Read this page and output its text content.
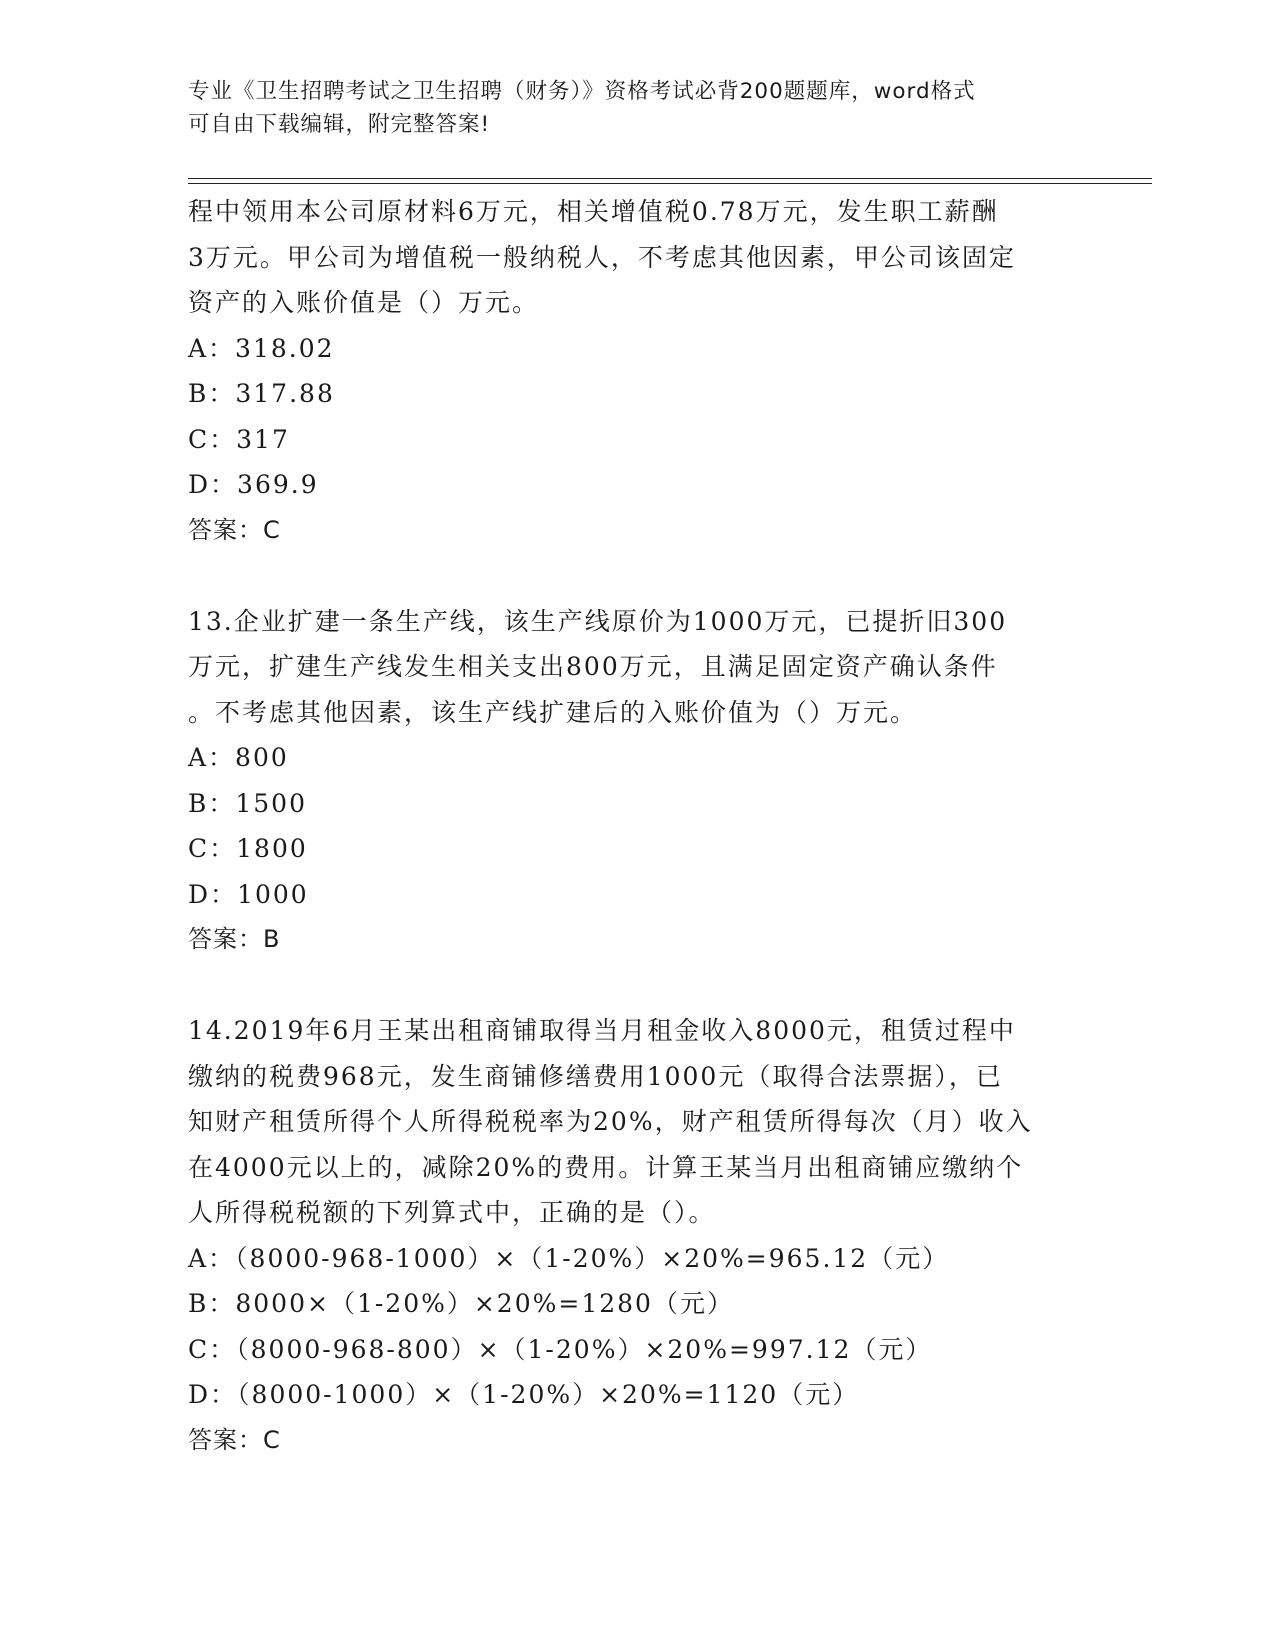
专业《卫生招聘考试之卫生招聘（财务）》资格考试必背200题题库，word格式
可自由下载编辑，附完整答案!
程中领用本公司原材料6万元，相关增值税0.78万元，发生职工薪酬
3万元。甲公司为增值税一般纳税人，不考虑其他因素，甲公司该固定
资产的入账价值是（）万元。
A：318.02
B：317.88
C：317
D：369.9
答案：C
13.企业扩建一条生产线，该生产线原价为1000万元，已提折旧300
万元，扩建生产线发生相关支出800万元，且满足固定资产确认条件
。不考虑其他因素，该生产线扩建后的入账价值为（）万元。
A：800
B：1500
C：1800
D：1000
答案：B
14.2019年6月王某出租商铺取得当月租金收入8000元，租赁过程中
缴纳的税费968元，发生商铺修缮费用1000元（取得合法票据），已
知财产租赁所得个人所得税税率为20%，财产租赁所得每次（月）收入
在4000元以上的，减除20%的费用。计算王某当月出租商铺应缴纳个
人所得税税额的下列算式中，正确的是（）。
A：（8000-968-1000）×（1-20%）×20%=965.12（元）
B：8000×（1-20%）×20%=1280（元）
C：（8000-968-800）×（1-20%）×20%=997.12（元）
D：（8000-1000）×（1-20%）×20%=1120（元）
答案：C
